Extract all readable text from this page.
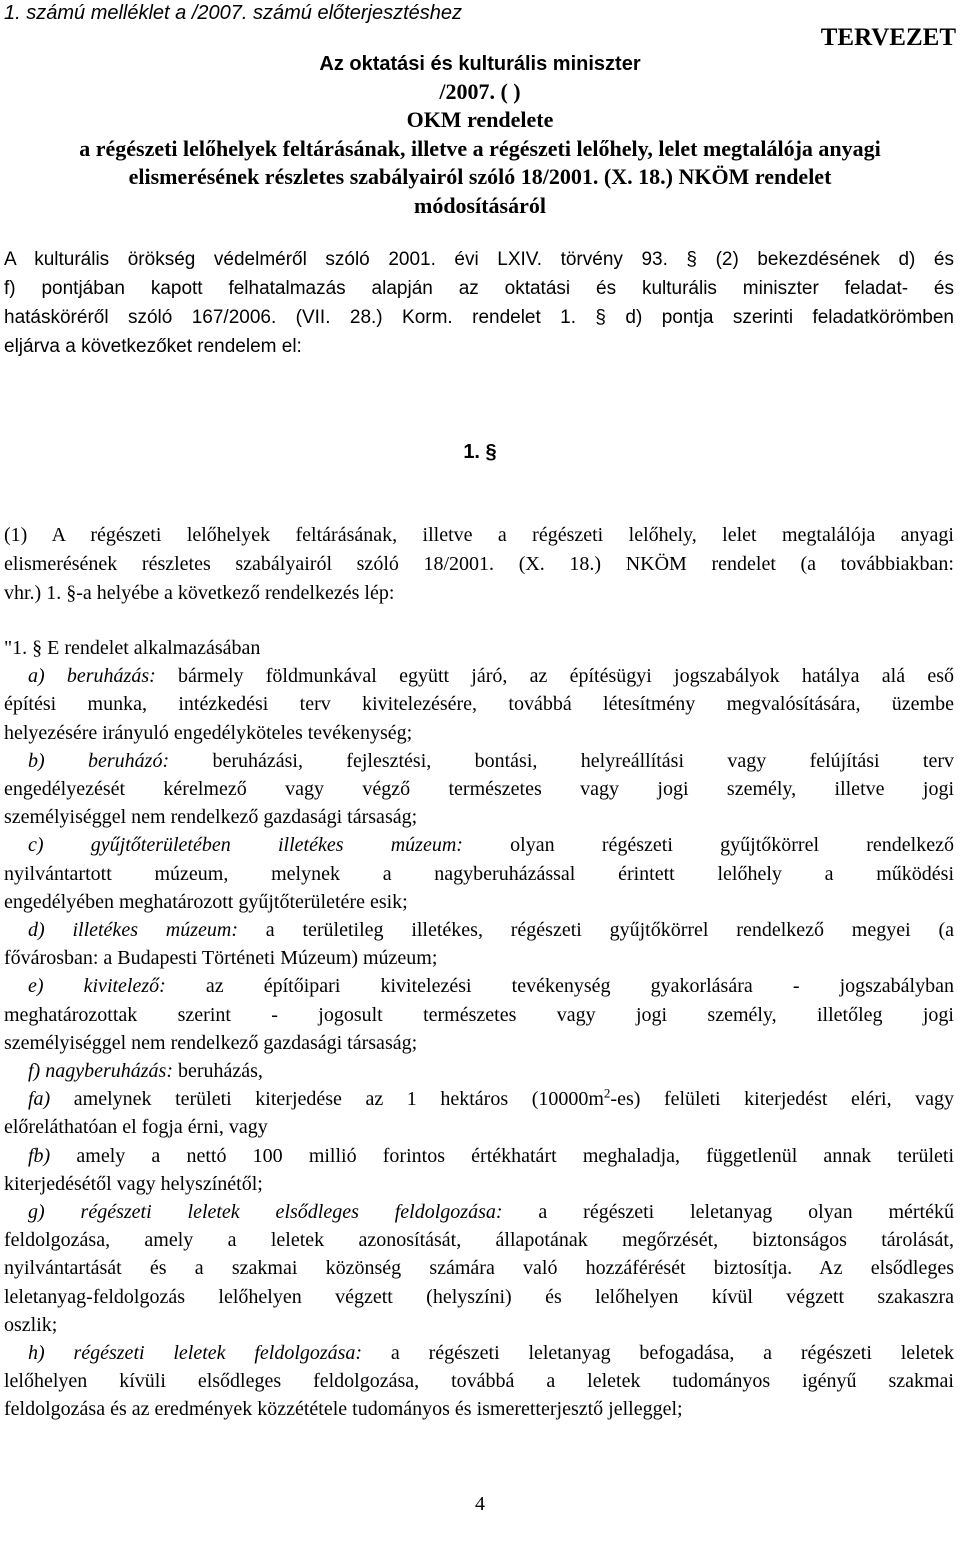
1. számú melléklet a /2007. számú előterjesztéshez
TERVEZET
Az oktatási és kulturális miniszter
/2007. ( )
OKM rendelete
a régészeti lelőhelyek feltárásának, illetve a régészeti lelőhely, lelet megtalálója anyagi
elismerésének részletes szabályairól szóló 18/2001. (X. 18.) NKÖM rendelet
módosításáról
A kulturális örökség védelméről szóló 2001. évi LXIV. törvény 93. § (2) bekezdésének d) és
f) pontjában kapott felhatalmazás alapján az oktatási és kulturális miniszter feladat- és
hatásköréről szóló 167/2006. (VII. 28.) Korm. rendelet 1. § d) pontja szerinti feladatkörömben
eljárva a következőket rendelem el:
1. §
(1) A régészeti lelőhelyek feltárásának, illetve a régészeti lelőhely, lelet megtalálója anyagi
elismerésének részletes szabályairól szóló 18/2001. (X. 18.) NKÖM rendelet (a továbbiakban:
vhr.) 1. §-a helyébe a következő rendelkezés lép:
"1. § E rendelet alkalmazásában
a) beruházás: bármely földmunkával együtt járó, az építésügyi jogszabályok hatálya alá eső
építési munka, intézkedési terv kivitelezésére, továbbá létesítmény megvalósítására, üzembe
helyezésére irányuló engedélyköteles tevékenység;
b) beruházó: beruházási, fejlesztési, bontási, helyreállítási vagy felújítási terv
engedélyezését kérelmező vagy végző természetes vagy jogi személy, illetve jogi
személyiséggel nem rendelkező gazdasági társaság;
c) gyűjtőterületében illetékes múzeum: olyan régészeti gyűjtőkörrel rendelkező
nyilvántartott múzeum, melynek a nagyberuházással érintett lelőhely a működési
engedélyében meghatározott gyűjtőterületére esik;
d) illetékes múzeum: a területileg illetékes, régészeti gyűjtőkörrel rendelkező megyei (a
fővárosban: a Budapesti Történeti Múzeum) múzeum;
e) kivitelező: az építőipari kivitelezési tevékenység gyakorlására - jogszabályban
meghatározottak szerint - jogosult természetes vagy jogi személy, illetőleg jogi
személyiséggel nem rendelkező gazdasági társaság;
f) nagyberuházás: beruházás,
fa) amelynek területi kiterjedése az 1 hektáros $(10000m^2-es)$ felületi kiterjedést eléri, vagy
előreláthatóan el fogja érni, vagy
fb) amely a nettó 100 millió forintos értékhatárt meghaladja, függetlenül annak területi
kiterjedésétől vagy helyszínétől;
g) régészeti leletek elsődleges feldolgozása: a régészeti leletanyag olyan mértékű
feldolgozása, amely a leletek azonosítását, állapotának megőrzését, biztonságos tárolását,
nyilvántartását és a szakmai közönség számára való hozzáférését biztosítja. Az elsődleges
leletanyag-feldolgozás lelőhelyen végzett (helyszíni) és lelőhelyen kívül végzett szakaszra
oszlik;
h) régészeti leletek feldolgozása: a régészeti leletanyag befogadása, a régészeti leletek
lelőhelyen kívüli elsődleges feldolgozása, továbbá a leletek tudományos igényű szakmai
feldolgozása és az eredmények közzététele tudományos és ismeretterjesztő jelleggel;
4
